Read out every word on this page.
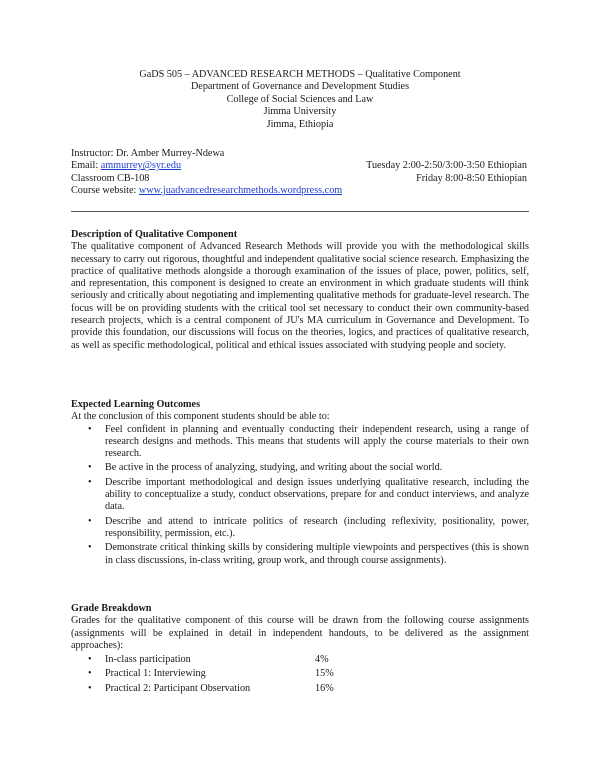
GaDS 505 – ADVANCED RESEARCH METHODS – Qualitative Component
Department of Governance and Development Studies
College of Social Sciences and Law
Jimma University
Jimma, Ethiopia
Instructor: Dr. Amber Murrey-Ndewa
Email: ammurrey@syr.edu	Tuesday 2:00-2:50/3:00-3:50 Ethiopian
Classroom CB-108	Friday 8:00-8:50 Ethiopian
Course website: www.juadvancedresearchmethods.wordpress.com
Description of Qualitative Component
The qualitative component of Advanced Research Methods will provide you with the methodological skills necessary to carry out rigorous, thoughtful and independent qualitative social science research. Emphasizing the practice of qualitative methods alongside a thorough examination of the issues of place, power, politics, self, and representation, this component is designed to create an environment in which graduate students will think seriously and critically about negotiating and implementing qualitative methods for graduate-level research. The focus will be on providing students with the critical tool set necessary to conduct their own community-based research projects, which is a central component of JU's MA curriculum in Governance and Development. To provide this foundation, our discussions will focus on the theories, logics, and practices of qualitative research, as well as specific methodological, political and ethical issues associated with studying people and society.
Expected Learning Outcomes
At the conclusion of this component students should be able to:
• Feel confident in planning and eventually conducting their independent research, using a range of research designs and methods. This means that students will apply the course materials to their own research.
• Be active in the process of analyzing, studying, and writing about the social world.
• Describe important methodological and design issues underlying qualitative research, including the ability to conceptualize a study, conduct observations, prepare for and conduct interviews, and analyze data.
• Describe and attend to intricate politics of research (including reflexivity, positionality, power, responsibility, permission, etc.).
• Demonstrate critical thinking skills by considering multiple viewpoints and perspectives (this is shown in class discussions, in-class writing, group work, and through course assignments).
Grade Breakdown
Grades for the qualitative component of this course will be drawn from the following course assignments (assignments will be explained in detail in independent handouts, to be delivered as the assignment approaches):
• In-class participation	4%
• Practical 1: Interviewing	15%
• Practical 2: Participant Observation	16%
